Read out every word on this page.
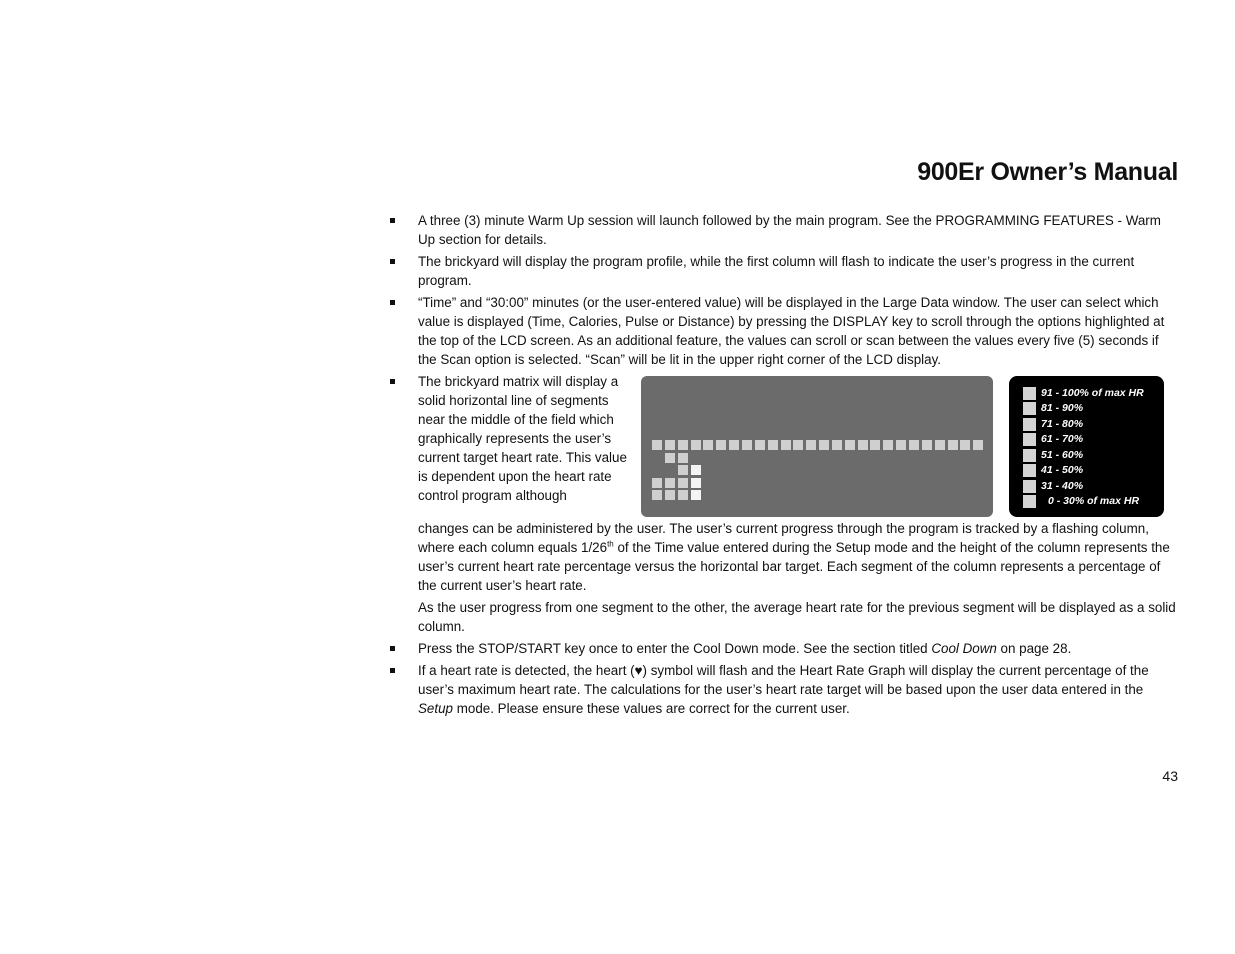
900Er Owner’s Manual
A three (3) minute Warm Up session will launch followed by the main program. See the PROGRAMMING FEATURES - Warm Up section for details.
The brickyard will display the program profile, while the first column will flash to indicate the user’s progress in the current program.
“Time” and “30:00” minutes (or the user-entered value) will be displayed in the Large Data window. The user can select which value is displayed (Time, Calories, Pulse or Distance) by pressing the DISPLAY key to scroll through the options highlighted at the top of the LCD screen. As an additional feature, the values can scroll or scan between the values every five (5) seconds if the Scan option is selected. “Scan” will be lit in the upper right corner of the LCD display.
The brickyard matrix will display a solid horizontal line of segments near the middle of the field which graphically represents the user’s current target heart rate. This value is dependent upon the heart rate control program although
91 - 100% of max HR
81 - 90%
71 - 80%
61 - 70%
51 - 60%
41 - 50%
31 - 40%
0 - 30% of max HR
changes can be administered by the user. The user’s current progress through the program is tracked by a flashing column, where each column equals 1/26th of the Time value entered during the Setup mode and the height of the column represents the user’s current heart rate percentage versus the horizontal bar target. Each segment of the column represents a percentage of the current user’s heart rate.
As the user progress from one segment to the other, the average heart rate for the previous segment will be displayed as a solid column.
Press the STOP/START key once to enter the Cool Down mode. See the section titled Cool Down on page 28.
If a heart rate is detected, the heart (♥) symbol will flash and the Heart Rate Graph will display the current percentage of the user’s maximum heart rate. The calculations for the user’s heart rate target will be based upon the user data entered in the Setup mode. Please ensure these values are correct for the current user.
43
